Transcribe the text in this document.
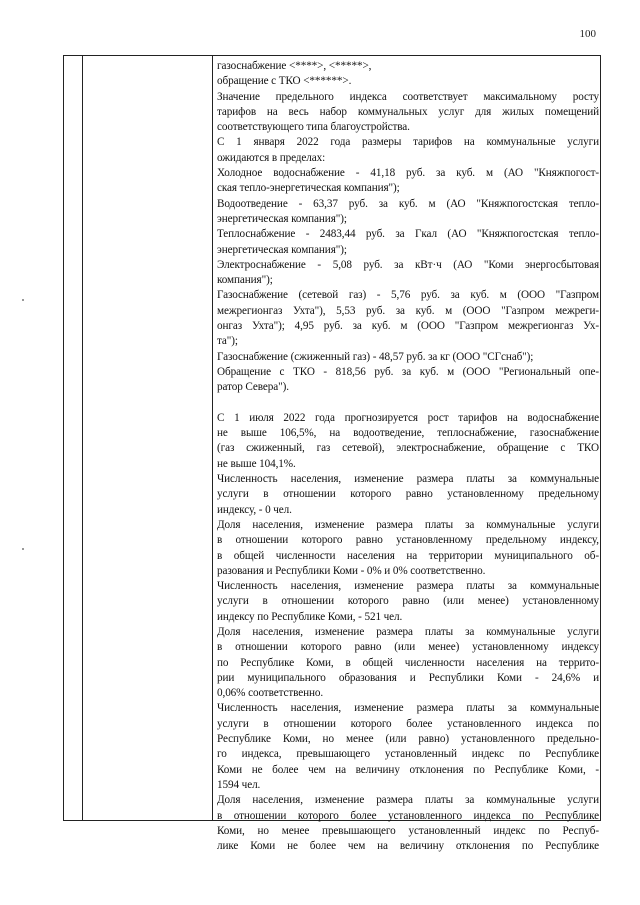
100
газоснабжение <****>, <*****>,
обращение с ТКО <******>.
Значение предельного индекса соответствует максимальному росту
тарифов на весь набор коммунальных услуг для жилых помещений
соответствующего типа благоустройства.
С 1 января 2022 года размеры тарифов на коммунальные услуги
ожидаются в пределах:
Холодное водоснабжение - 41,18 руб. за куб. м (АО "Княжпогост-
ская тепло-энергетическая компания");
Водоотведение - 63,37 руб. за куб. м (АО "Княжпогостская тепло-
энергетическая компания");
Теплоснабжение - 2483,44 руб. за Гкал (АО "Княжпогостская тепло-
энергетическая компания");
Электроснабжение - 5,08 руб. за кВт·ч (АО "Коми энергосбытовая
компания");
Газоснабжение (сетевой газ) - 5,76 руб. за куб. м (ООО "Газпром
межрегионгаз Ухта"), 5,53 руб. за куб. м (ООО "Газпром межреги-
онгаз Ухта"); 4,95 руб. за куб. м (ООО "Газпром межрегионгаз Ух-
та");
Газоснабжение (сжиженный газ) - 48,57 руб. за кг (ООО "СГснаб");
Обращение с ТКО - 818,56 руб. за куб. м (ООО "Региональный опе-
ратор Севера").
С 1 июля 2022 года прогнозируется рост тарифов на водоснабжение
не выше 106,5%, на водоотведение, теплоснабжение, газоснабжение
(газ сжиженный, газ сетевой), электроснабжение, обращение с ТКО
не выше 104,1%.
Численность населения, изменение размера платы за коммунальные
услуги в отношении которого равно установленному предельному
индексу, - 0 чел.
Доля населения, изменение размера платы за коммунальные услуги
в отношении которого равно установленному предельному индексу,
в общей численности населения на территории муниципального об-
разования и Республики Коми - 0% и 0% соответственно.
Численность населения, изменение размера платы за коммунальные
услуги в отношении которого равно (или менее) установленному
индексу по Республике Коми, - 521 чел.
Доля населения, изменение размера платы за коммунальные услуги
в отношении которого равно (или менее) установленному индексу
по Республике Коми, в общей численности населения на террито-
рии муниципального образования и Республики Коми - 24,6% и
0,06% соответственно.
Численность населения, изменение размера платы за коммунальные
услуги в отношении которого более установленного индекса по
Республике Коми, но менее (или равно) установленного предельно-
го индекса, превышающего установленный индекс по Республике
Коми не более чем на величину отклонения по Республике Коми, -
1594 чел.
Доля населения, изменение размера платы за коммунальные услуги
в отношении которого более установленного индекса по Республике
Коми, но менее превышающего установленный индекс по Респуб-
лике Коми не более чем на величину отклонения по Республике
